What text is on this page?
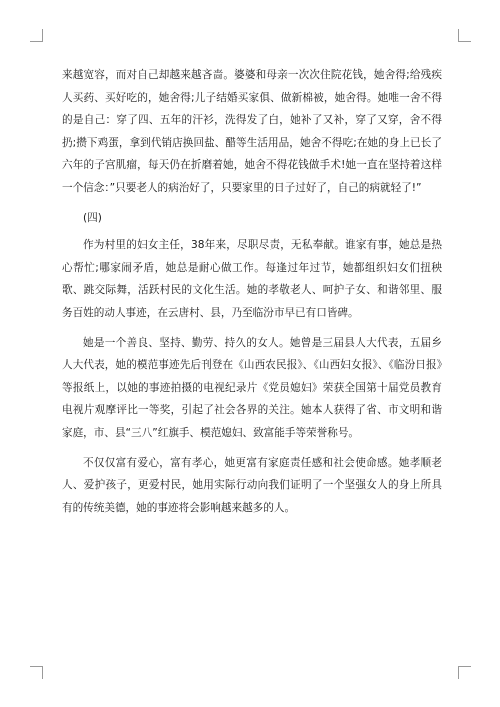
来越宽容，而对自己却越来越吝啬。婆婆和母亲一次次住院花钱，她舍得;给残疾人买药、买好吃的，她舍得;儿子结婚买家俱、做新棉被，她舍得。她唯一舍不得的是自己：穿了四、五年的汗衫，洗得发了白，她补了又补，穿了又穿，舍不得扔;攒下鸡蛋，拿到代销店换回盐、醋等生活用品，她舍不得吃;在她的身上已长了六年的子宫肌瘤，每天仍在折磨着她，她舍不得花钱做手术!她一直在坚持着这样一个信念：”只要老人的病治好了，只要家里的日子过好了，自己的病就轻了!”

(四)

作为村里的妇女主任，38年来，尽职尽责，无私奉献。谁家有事，她总是热心帮忙;哪家闹矛盾，她总是耐心做工作。每逢过年过节，她都组织妇女们扭秧歌、跳交际舞，活跃村民的文化生活。她的孝敬老人、呵护子女、和谐邻里、服务百姓的动人事迹，在云唐村、县，乃至临汾市早已有口皆碑。

她是一个善良、坚持、勤劳、持久的女人。她曾是三届县人大代表，五届乡人大代表，她的模范事迹先后刊登在《山西农民报》、《山西妇女报》、《临汾日报》等报纸上，以她的事迹拍摄的电视纪录片《党员媳妇》荣获全国第十届党员教育电视片观摩评比一等奖，引起了社会各界的关注。她本人获得了省、市文明和谐家庭，市、县“三八”红旗手、模范媳妇、致富能手等荣誉称号。

不仅仅富有爱心，富有孝心，她更富有家庭责任感和社会使命感。她孝顺老人、爱护孩子，更爱村民，她用实际行动向我们证明了一个坚强女人的身上所具有的传统美德，她的事迹将会影响越来越多的人。
